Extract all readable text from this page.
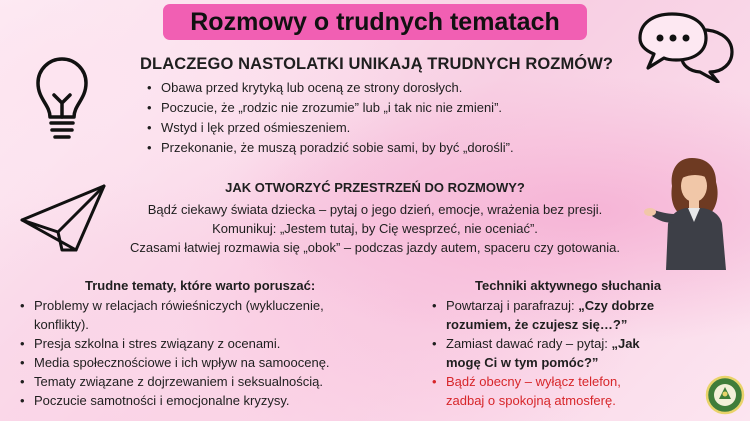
Rozmowy o trudnych tematach
DLACZEGO NASTOLATKI UNIKAJĄ TRUDNYCH ROZMÓW?
• Obawa przed krytyką lub oceną ze strony dorosłych.
• Poczucie, że „rodzic nie zrozumie” lub „i tak nic nie zmieni”.
• Wstyd i lęk przed ośmieszeniem.
• Przekonanie, że muszą poradzić sobie sami, by być „dorośli”.
JAK OTWORZYĆ PRZESTRZEŃ DO ROZMOWY?
Bądź ciekawy świata dziecka – pytaj o jego dzień, emocje, wrażenia bez presji.
Komunikuj: „Jestem tutaj, by Cię wesprzeć, nie oceniać”.
Czasami łatwiej rozmawia się „obok” – podczas jazdy autem, spaceru czy gotowania.
Trudne tematy, które warto poruszać:
• Problemy w relacjach rówieśniczych (wykluczenie, konflikty).
• Presja szkolna i stres związany z ocenami.
• Media społecznościowe i ich wpływ na samoocenę.
• Tematy związane z dojrzewaniem i seksualnością.
• Poczucie samotności i emocjonalne kryzysy.
Techniki aktywnego słuchania
• Powtarzaj i parafrazuj: „Czy dobrze rozumiem, że czujesz się…?”
• Zamiast dawać rady – pytaj: „Jak mogę Ci w tym pomóc?”
• Bądź obecny – wyłącz telefon, zadbaj o spokojną atmosferę.
